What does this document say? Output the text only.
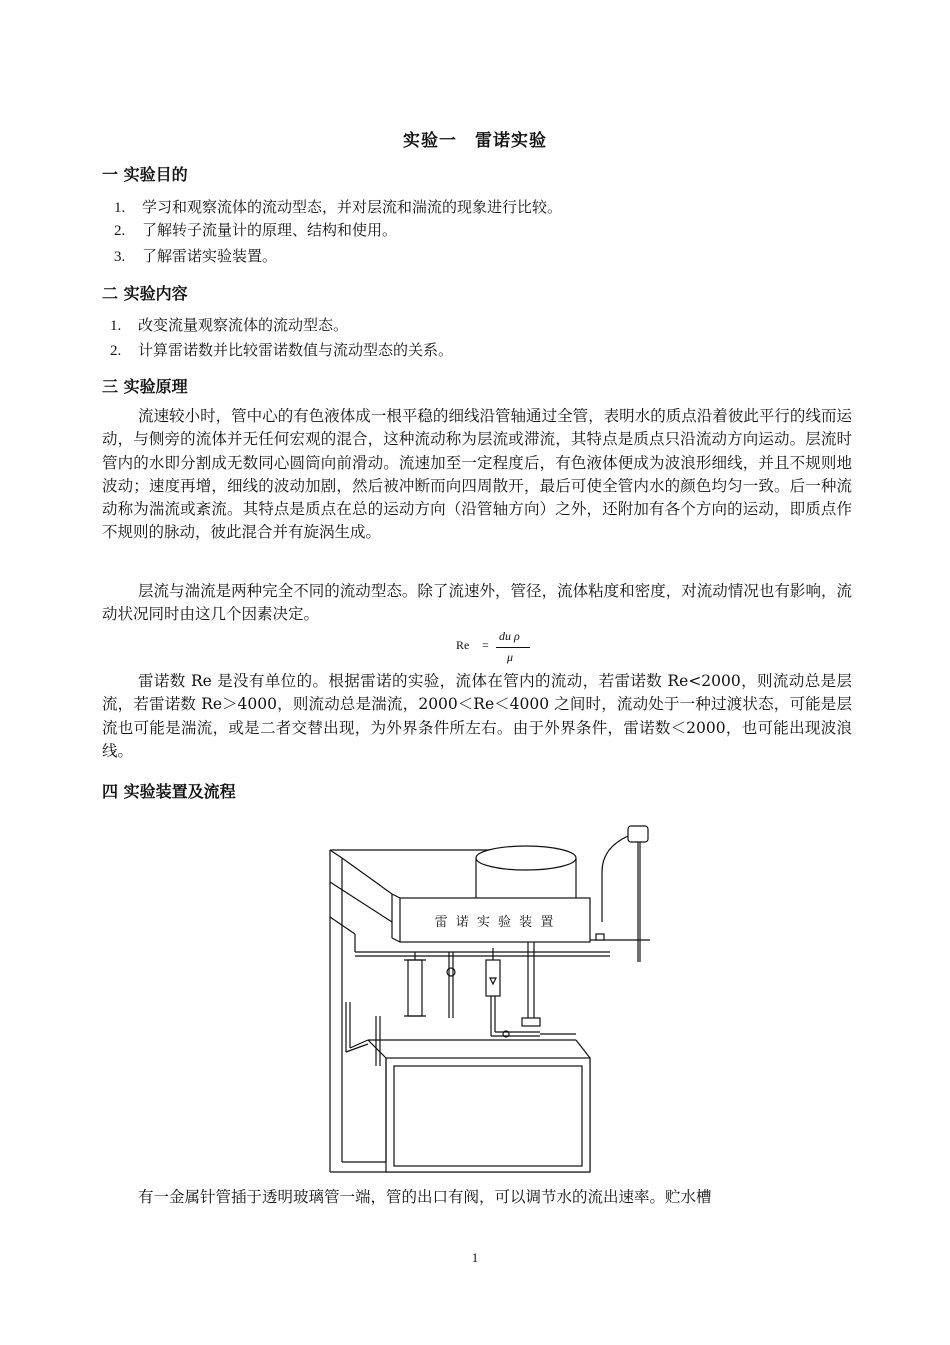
实验一　雷诺实验
一 实验目的
1. 学习和观察流体的流动型态，并对层流和湍流的现象进行比较。
2. 了解转子流量计的原理、结构和使用。
3. 了解雷诺实验装置。
二 实验内容
1. 改变流量观察流体的流动型态。
2. 计算雷诺数并比较雷诺数值与流动型态的关系。
三 实验原理

流速较小时，管中心的有色液体成一根平稳的细线沿管轴通过全管，表明水的质点沿着彼此平行的线而运动，与侧旁的流体并无任何宏观的混合，这种流动称为层流或滞流，其特点是质点只沿流动方向运动。层流时管内的水即分割成无数同心圆筒向前滑动。流速加至一定程度后，有色液体便成为波浪形细线，并且不规则地波动；速度再增，细线的波动加剧，然后被冲断而向四周散开，最后可使全管内水的颜色均匀一致。后一种流动称为湍流或紊流。其特点是质点在总的运动方向（沿管轴方向）之外，还附加有各个方向的运动，即质点作不规则的脉动，彼此混合并有旋涡生成。

层流与湍流是两种完全不同的流动型态。除了流速外，管径，流体粘度和密度，对流动情况也有影响，流动状况同时由这几个因素决定。

Re =
du ρ
μ

雷诺数 Re 是没有单位的。根据雷诺的实验，流体在管内的流动，若雷诺数 Re<2000，则流动总是层流，若雷诺数 Re＞4000，则流动总是湍流，2000＜Re＜4000 之间时，流动处于一种过渡状态，可能是层流也可能是湍流，或是二者交替出现，为外界条件所左右。由于外界条件，雷诺数＜2000，也可能出现波浪线。

四 实验装置及流程
雷 诺 实 验 装 置

有一金属针管插于透明玻璃管一端，管的出口有阀，可以调节水的流出速率。贮水槽

1
